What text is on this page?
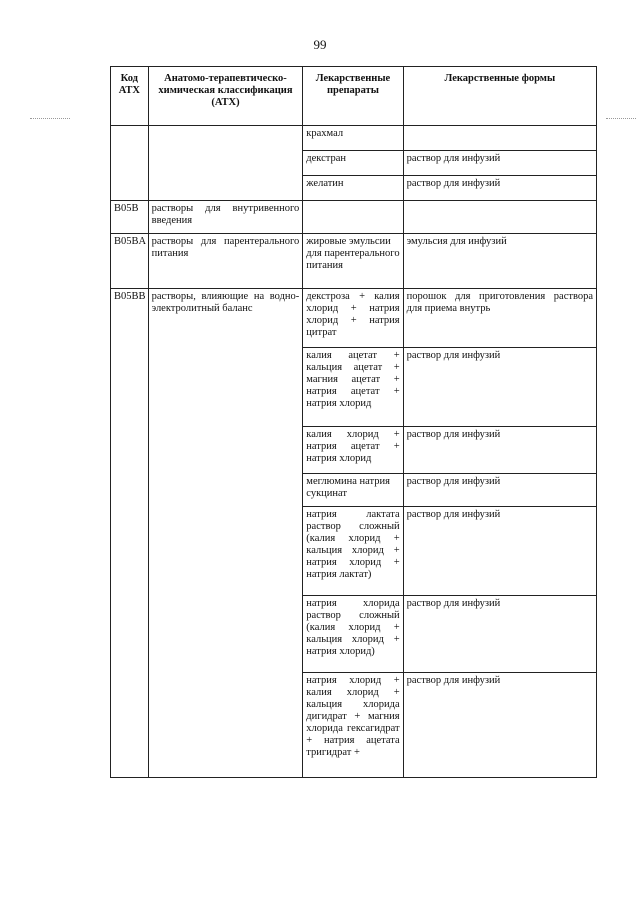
99
Код АТХ	Анатомо-терапевтическо-химическая классификация (АТХ)	Лекарственные препараты	Лекарственные формы
		крахмал	
		декстран	раствор для инфузий
		желатин	раствор для инфузий
B05B	растворы для внутривенного введения		
B05BA	растворы для парентерального питания	жировые эмульсии для парентерального питания	эмульсия для инфузий
B05BB	растворы, влияющие на водно-электролитный баланс	декстроза + калия хлорид + натрия хлорид + натрия цитрат	порошок для приготовления раствора для приема внутрь
		калия ацетат + кальция ацетат + магния ацетат + натрия ацетат + натрия хлорид	раствор для инфузий
		калия хлорид + натрия ацетат + натрия хлорид	раствор для инфузий
		меглюмина натрия сукцинат	раствор для инфузий
		натрия лактата раствор сложный (калия хлорид + кальция хлорид + натрия хлорид + натрия лактат)	раствор для инфузий
		натрия хлорида раствор сложный (калия хлорид + кальция хлорид + натрия хлорид)	раствор для инфузий
		натрия хлорид + калия хлорид + кальция хлорида дигидрат + магния хлорида гексагидрат + натрия ацетата тригидрат +	раствор для инфузий
